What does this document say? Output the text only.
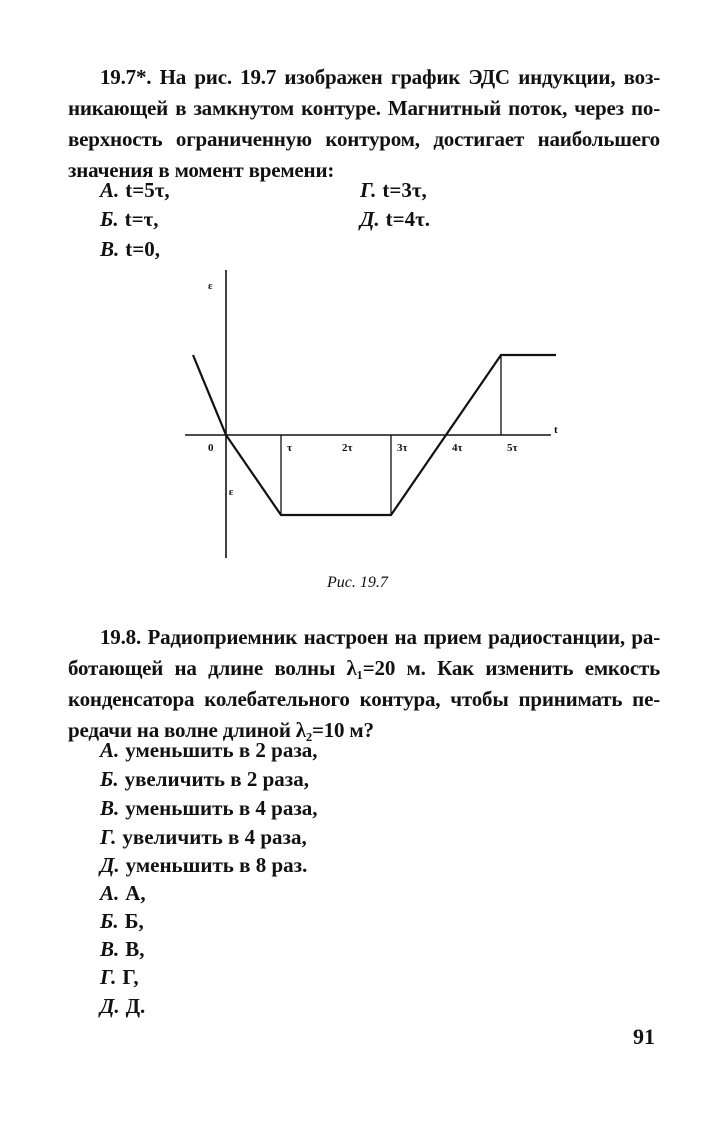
19.7*. На рис. 19.7 изображен график ЭДС индукции, воз-
никающей в замкнутом контуре. Магнитный поток, через по-
верхность ограниченную контуром, достигает наибольшего
значения в момент времени:
А. t=5τ,
Б. t=τ,
В. t=0,
Г. t=3τ,
Д. t=4τ.
ε
t
ε
0	τ	2τ	3τ	4τ	5τ
Рис. 19.7
19.8. Радиоприемник настроен на прием радиостанции, ра-
ботающей на длине волны λ₁=20 м. Как изменить емкость
конденсатора колебательного контура, чтобы принимать пе-
редачи на волне длиной λ₂=10 м?
А. уменьшить в 2 раза,
Б. увеличить в 2 раза,
В. уменьшить в 4 раза,
Г. увеличить в 4 раза,
Д. уменьшить в 8 раз.
А. А,
Б. Б,
В. В,
Г. Г,
Д. Д.
91
